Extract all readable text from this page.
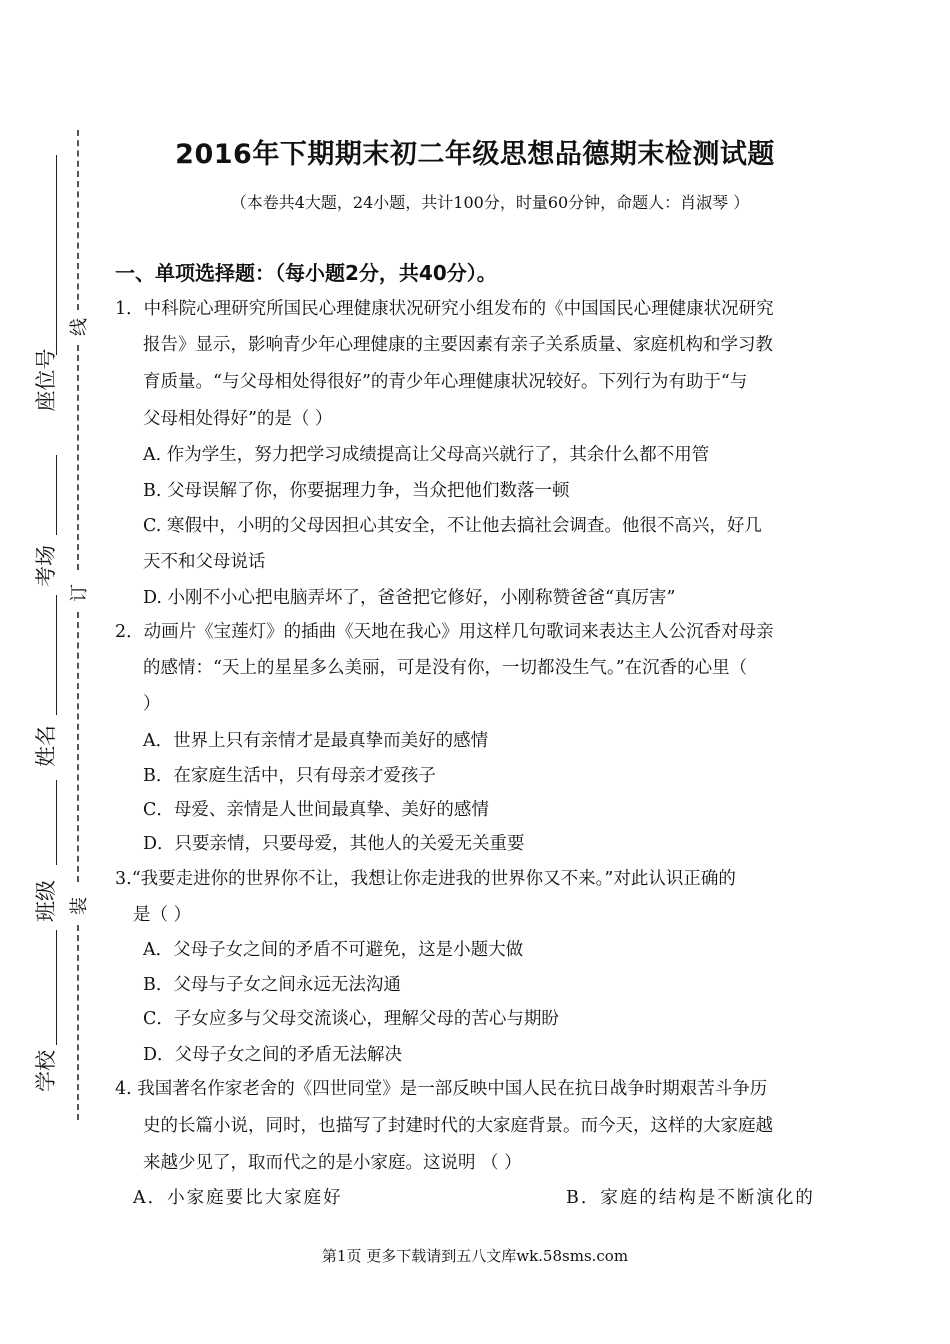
线
订
装
座位号
考场
姓名
班级
学校
2016年下期期末初二年级思想品德期末检测试题
（本卷共4大题，24小题，共计100分，时量60分钟，命题人：肖淑琴 ）
一、单项选择题：（每小题2分，共40分）。
1．中科院心理研究所国民心理健康状况研究小组发布的《中国国民心理健康状况研究
报告》显示，影响青少年心理健康的主要因素有亲子关系质量、家庭机构和学习教
育质量。“与父母相处得很好”的青少年心理健康状况较好。下列行为有助于“与
父母相处得好”的是（ ）
A. 作为学生，努力把学习成绩提高让父母高兴就行了，其余什么都不用管
B. 父母误解了你，你要据理力争，当众把他们数落一顿
C. 寒假中，小明的父母因担心其安全，不让他去搞社会调查。他很不高兴，好几
天不和父母说话
D. 小刚不小心把电脑弄坏了，爸爸把它修好，小刚称赞爸爸“真厉害”
2．动画片《宝莲灯》的插曲《天地在我心》用这样几句歌词来表达主人公沉香对母亲
的感情：“天上的星星多么美丽，可是没有你，一切都没生气。”在沉香的心里（
）
A．世界上只有亲情才是最真挚而美好的感情
B．在家庭生活中，只有母亲才爱孩子
C．母爱、亲情是人世间最真挚、美好的感情
D．只要亲情，只要母爱，其他人的关爱无关重要
3.“我要走进你的世界你不让，我想让你走进我的世界你又不来。”对此认识正确的
是（ ）
A．父母子女之间的矛盾不可避免，这是小题大做
B．父母与子女之间永远无法沟通
C．子女应多与父母交流谈心，理解父母的苦心与期盼
D．父母子女之间的矛盾无法解决
4. 我国著名作家老舍的《四世同堂》是一部反映中国人民在抗日战争时期艰苦斗争历
史的长篇小说，同时，也描写了封建时代的大家庭背景。而今天，这样的大家庭越
来越少见了，取而代之的是小家庭。这说明 （ ）
A．小家庭要比大家庭好	B．家庭的结构是不断演化的
第1页 更多下载请到五八文库wk.58sms.com
